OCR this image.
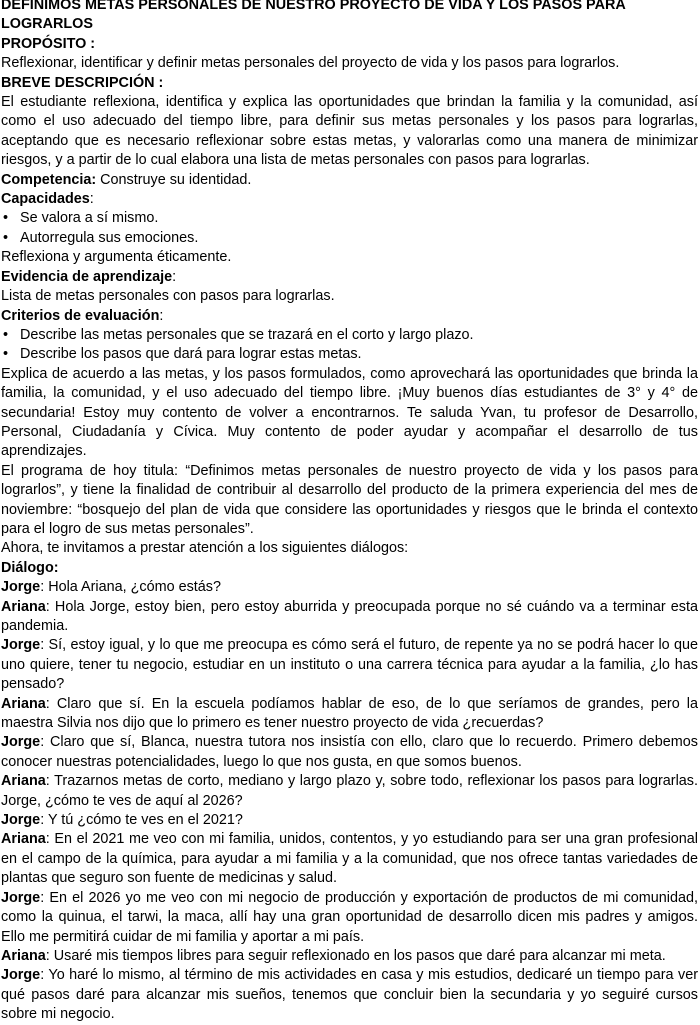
DEFINIMOS METAS PERSONALES DE NUESTRO PROYECTO DE VIDA Y LOS PASOS PARA LOGRARLOS

PROPÓSITO :

Reflexionar, identificar y definir metas personales del proyecto de vida y los pasos para lograrlos.

BREVE DESCRIPCIÓN :

El estudiante reflexiona, identifica y explica las oportunidades que brindan la familia y la comunidad, así como el uso adecuado del tiempo libre, para definir sus metas personales y los pasos para lograrlas, aceptando que es necesario reflexionar sobre estas metas, y valorarlas como una manera de minimizar riesgos, y a partir de lo cual elabora una lista de metas personales con pasos para lograrlas.

Competencia: Construye su identidad.

Capacidades:

• Se valora a sí mismo.
• Autorregula sus emociones.

Reflexiona y argumenta éticamente.

Evidencia de aprendizaje:

Lista de metas personales con pasos para lograrlas.

Criterios de evaluación:

• Describe las metas personales que se trazará en el corto y largo plazo.
• Describe los pasos que dará para lograr estas metas.

Explica de acuerdo a las metas, y los pasos formulados, como aprovechará las oportunidades que brinda la familia, la comunidad, y el uso adecuado del tiempo libre. ¡Muy buenos días estudiantes de 3° y 4° de secundaria! Estoy muy contento de volver a encontrarnos. Te saluda Yvan, tu profesor de Desarrollo, Personal, Ciudadanía y Cívica. Muy contento de poder ayudar y acompañar el desarrollo de tus aprendizajes.

El programa de hoy titula: “Definimos metas personales de nuestro proyecto de vida y los pasos para lograrlos”, y tiene la finalidad de contribuir al desarrollo del producto de la primera experiencia del mes de noviembre: “bosquejo del plan de vida que considere las oportunidades y riesgos que le brinda el contexto para el logro de sus metas personales”.

Ahora, te invitamos a prestar atención a los siguientes diálogos:

Diálogo:

Jorge: Hola Ariana, ¿cómo estás?

Ariana: Hola Jorge, estoy bien, pero estoy aburrida y preocupada porque no sé cuándo va a terminar esta pandemia.

Jorge: Sí, estoy igual, y lo que me preocupa es cómo será el futuro, de repente ya no se podrá hacer lo que uno quiere, tener tu negocio, estudiar en un instituto o una carrera técnica para ayudar a la familia, ¿lo has pensado?

Ariana: Claro que sí. En la escuela podíamos hablar de eso, de lo que seríamos de grandes, pero la maestra Silvia nos dijo que lo primero es tener nuestro proyecto de vida ¿recuerdas?

Jorge: Claro que sí, Blanca, nuestra tutora nos insistía con ello, claro que lo recuerdo. Primero debemos conocer nuestras potencialidades, luego lo que nos gusta, en que somos buenos.

Ariana: Trazarnos metas de corto, mediano y largo plazo y, sobre todo, reflexionar los pasos para lograrlas. Jorge, ¿cómo te ves de aquí al 2026?

Jorge: Y tú ¿cómo te ves en el 2021?

Ariana: En el 2021 me veo con mi familia, unidos, contentos, y yo estudiando para ser una gran profesional en el campo de la química, para ayudar a mi familia y a la comunidad, que nos ofrece tantas variedades de plantas que seguro son fuente de medicinas y salud.

Jorge: En el 2026 yo me veo con mi negocio de producción y exportación de productos de mi comunidad, como la quinua, el tarwi, la maca, allí hay una gran oportunidad de desarrollo dicen mis padres y amigos. Ello me permitirá cuidar de mi familia y aportar a mi país.

Ariana: Usaré mis tiempos libres para seguir reflexionado en los pasos que daré para alcanzar mi meta.

Jorge: Yo haré lo mismo, al término de mis actividades en casa y mis estudios, dedicaré un tiempo para ver qué pasos daré para alcanzar mis sueños, tenemos que concluir bien la secundaria y yo seguiré cursos sobre mi negocio.
